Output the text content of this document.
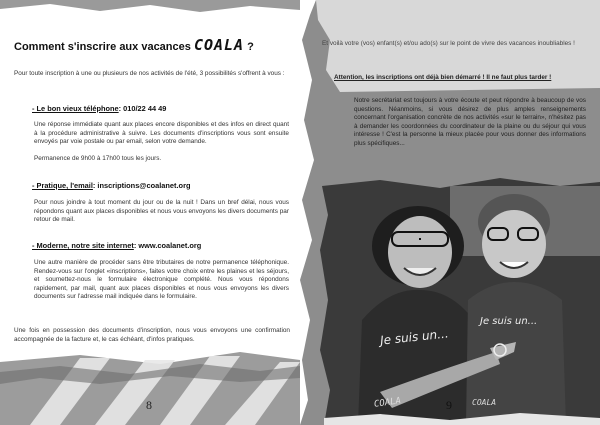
Comment s'inscrire aux vacances COALA ?
Pour toute inscription à une ou plusieurs de nos activités de l'été, 3 possibilités s'offrent à vous :
- Le bon vieux téléphone: 010/22 44 49
Une réponse immédiate quant aux places encore disponibles et des infos en direct quant à la procédure administrative à suivre. Les documents d'inscriptions vous sont ensuite envoyés par voie postale ou par email, selon votre demande.
Permanence de 9h00 à 17h00 tous les jours.
- Pratique, l'email: inscriptions@coalanet.org
Pour nous joindre à tout moment du jour ou de la nuit ! Dans un bref délai, nous vous répondons quant aux places disponibles et nous vous envoyons les divers documents par retour de mail.
- Moderne, notre site internet: www.coalanet.org
Une autre manière de procéder sans être tributaires de notre permanence téléphonique. Rendez-vous sur l'onglet «inscriptions», faites votre choix entre les plaines et les séjours, et soumettez-nous le formulaire électronique complété. Nous vous répondons rapidement, par mail, quant aux places disponibles et nous vous envoyons les divers documents sur l'adresse mail indiquée dans le formulaire.
Une fois en possession des documents d'inscription, nous vous envoyons une confirmation accompagnée de la facture et, le cas échéant, d'infos pratiques.
8
Et voilà votre (vos) enfant(s) et/ou ado(s) sur le point de vivre des vacances inoubliables !
Attention, les inscriptions ont déjà bien démarré ! Il ne faut plus tarder !
Notre secrétariat est toujours à votre écoute et peut répondre à beaucoup de vos questions. Néanmoins, si vous désirez de plus amples renseignements concernant l'organisation concrète de nos activités «sur le terrain», n'hésitez pas à demander les coordonnées du coordinateur de la plaine ou du séjour qui vous intéresse ! C'est la personne la mieux placée pour vous donner des informations plus spécifiques...
Je suis un...
Je suis un...
COALA	COALA
9
